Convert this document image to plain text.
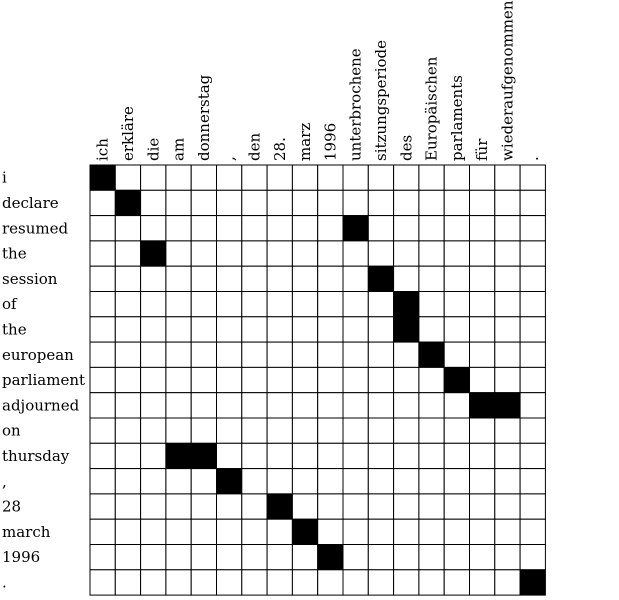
ich erkläre die am donnerstag , den 28. marz 1996 unterbrochene sitzungsperiode des Europäischen parlaments für wiederaufgenommen .
i
declare
resumed
the
session
of
the
european
parliament
adjourned
on
thursday
,
28
march
1996
.
